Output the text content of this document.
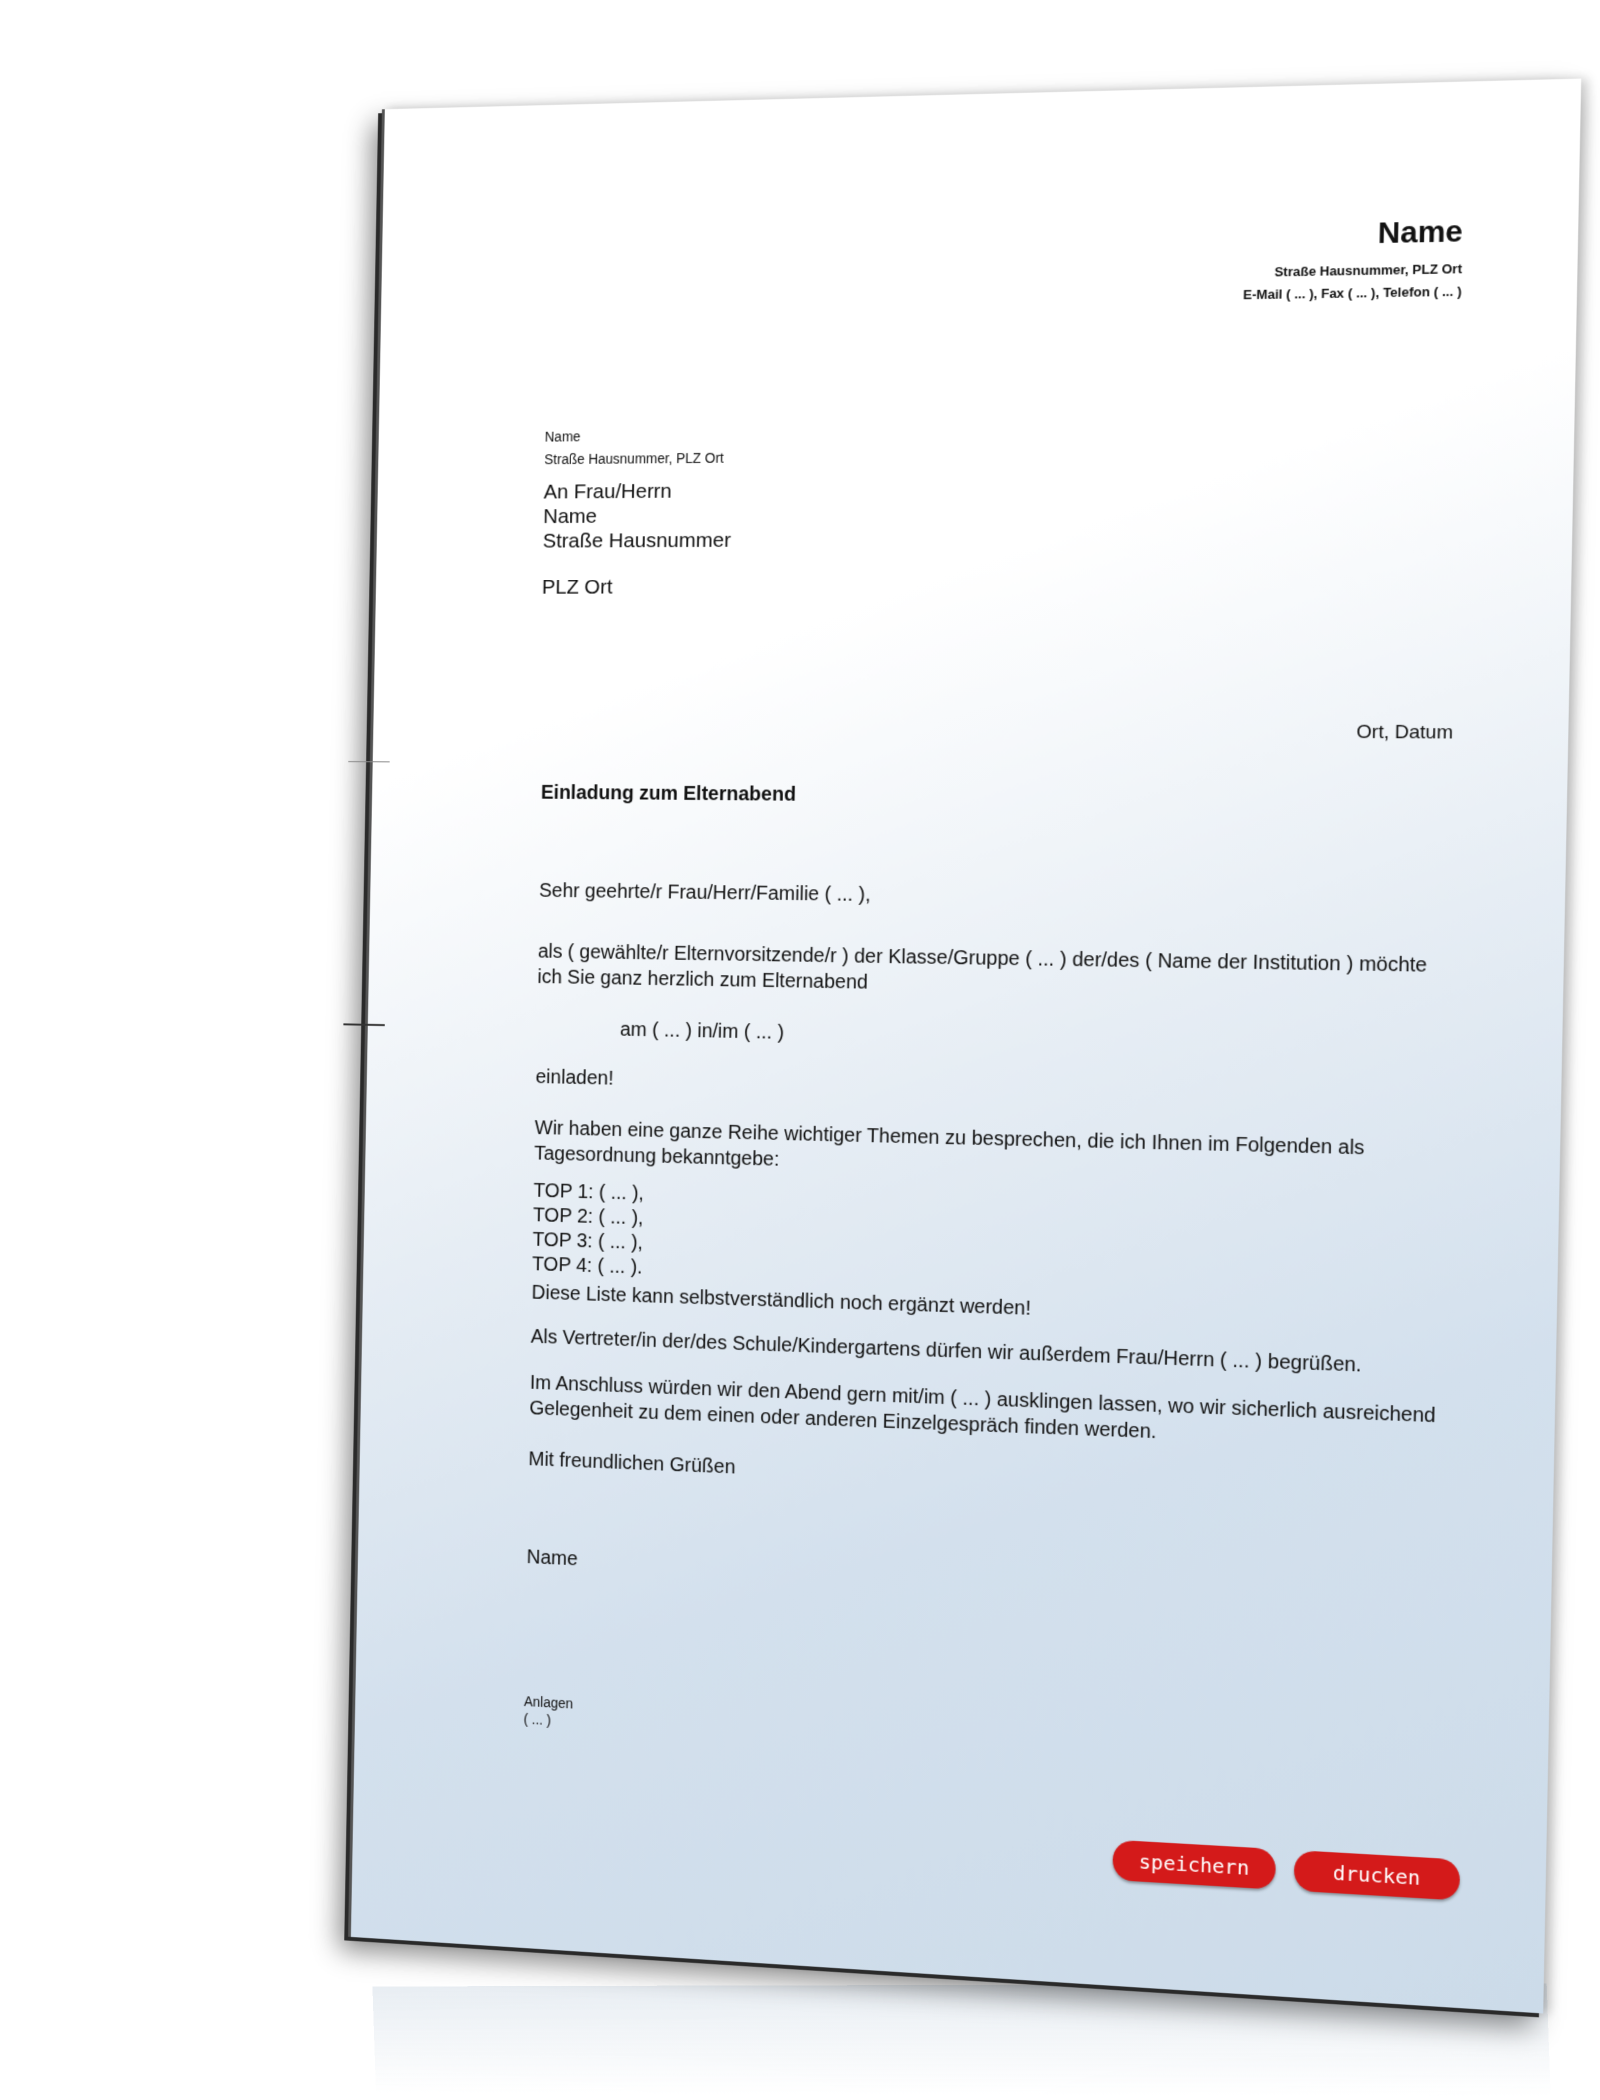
Name

Straße Hausnummer, PLZ Ort

E-Mail ( ... ), Fax ( ... ), Telefon ( ... )

Name

Straße Hausnummer, PLZ Ort

An Frau/Herrn
Name
Straße Hausnummer

PLZ Ort

Ort, Datum

Einladung zum Elternabend

Sehr geehrte/r Frau/Herr/Familie ( ... ),

als ( gewählte/r Elternvorsitzende/r ) der Klasse/Gruppe ( ... ) der/des ( Name der Institution ) möchte ich Sie ganz herzlich zum Elternabend

am ( ... ) in/im ( ... )

einladen!

Wir haben eine ganze Reihe wichtiger Themen zu besprechen, die ich Ihnen im Folgenden als Tagesordnung bekanntgebe:

TOP 1: ( ... ),
TOP 2: ( ... ),
TOP 3: ( ... ),
TOP 4: ( ... ).

Diese Liste kann selbstverständlich noch ergänzt werden!

Als Vertreter/in der/des Schule/Kindergartens dürfen wir außerdem Frau/Herrn ( ... ) begrüßen.

Im Anschluss würden wir den Abend gern mit/im ( ... ) ausklingen lassen, wo wir sicherlich ausreichend Gelegenheit zu dem einen oder anderen Einzelgespräch finden werden.

Mit freundlichen Grüßen

Name

Anlagen

( ... )

speichern	drucken
